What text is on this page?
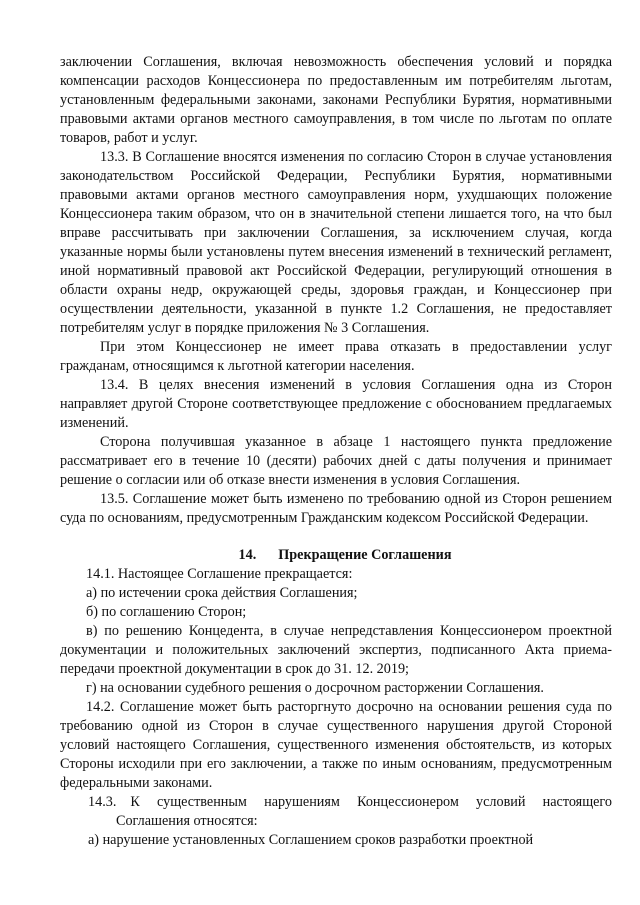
заключении Соглашения, включая невозможность обеспечения условий и порядка компенсации расходов Концессионера по предоставленным им потребителям льготам, установленным федеральными законами, законами Республики Бурятия, нормативными правовыми актами органов местного самоуправления, в том числе по льготам по оплате товаров, работ и услуг.

13.3. В Соглашение вносятся изменения по согласию Сторон в случае установления законодательством Российской Федерации, Республики Бурятия, нормативными правовыми актами органов местного самоуправления норм, ухудшающих положение Концессионера таким образом, что он в значительной степени лишается того, на что был вправе рассчитывать при заключении Соглашения, за исключением случая, когда указанные нормы были установлены путем внесения изменений в технический регламент, иной нормативный правовой акт Российской Федерации, регулирующий отношения в области охраны недр, окружающей среды, здоровья граждан, и Концессионер при осуществлении деятельности, указанной в пункте 1.2 Соглашения, не предоставляет потребителям услуг в порядке приложения № 3 Соглашения.

При этом Концессионер не имеет права отказать в предоставлении услуг гражданам, относящимся к льготной категории населения.

13.4. В целях внесения изменений в условия Соглашения одна из Сторон направляет другой Стороне соответствующее предложение с обоснованием предлагаемых изменений.

Сторона получившая указанное в абзаце 1 настоящего пункта предложение рассматривает его в течение 10 (десяти) рабочих дней с даты получения и принимает решение о согласии или об отказе внести изменения в условия Соглашения.

13.5. Соглашение может быть изменено по требованию одной из Сторон решением суда по основаниям, предусмотренным Гражданским кодексом Российской Федерации.

14. Прекращение Соглашения

14.1. Настоящее Соглашение прекращается:

а) по истечении срока действия Соглашения;

б) по соглашению Сторон;

в) по решению Концедента, в случае непредставления Концессионером проектной документации и положительных заключений экспертиз, подписанного Акта приема-передачи проектной документации в срок до 31. 12. 2019;

г) на основании судебного решения о досрочном расторжении Соглашения.

14.2. Соглашение может быть расторгнуто досрочно на основании решения суда по требованию одной из Сторон в случае существенного нарушения другой Стороной условий настоящего Соглашения, существенного изменения обстоятельств, из которых Стороны исходили при его заключении, а также по иным основаниям, предусмотренным федеральными законами.

14.3. К существенным нарушениям Концессионером условий настоящего Соглашения относятся:

а) нарушение установленных Соглашением сроков разработки проектной
